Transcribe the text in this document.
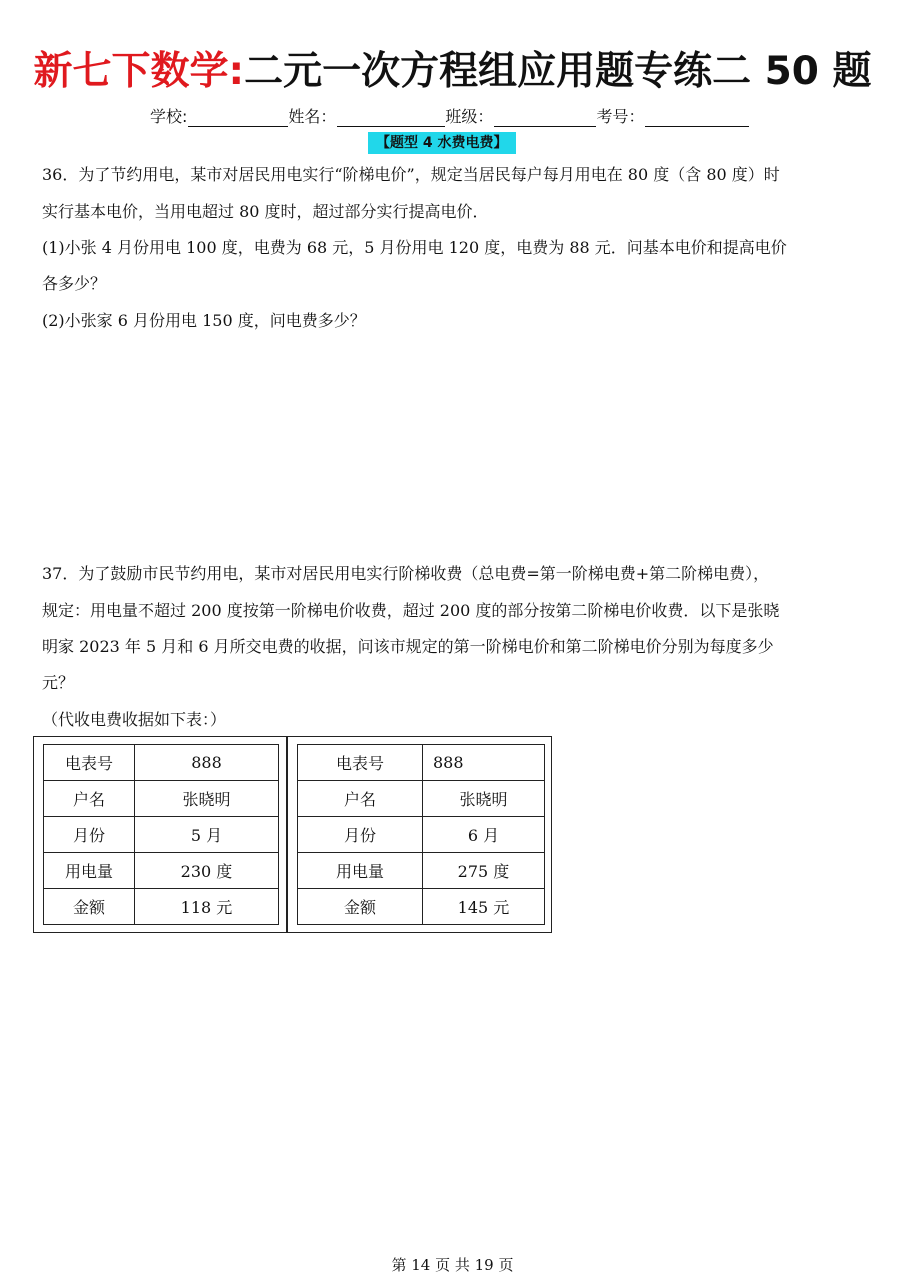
新七下数学:二元一次方程组应用题专练二 50 题
学校:	姓名：	班级：	考号：
【题型 4 水费电费】
36．为了节约用电，某市对居民用电实行“阶梯电价”，规定当居民每户每月用电在 80 度（含 80 度）时
实行基本电价，当用电超过 80 度时，超过部分实行提高电价．
(1)小张 4 月份用电 100 度，电费为 68 元，5 月份用电 120 度，电费为 88 元．问基本电价和提高电价
各多少？
(2)小张家 6 月份用电 150 度，问电费多少？
37．为了鼓励市民节约用电，某市对居民用电实行阶梯收费（总电费=第一阶梯电费+第二阶梯电费），
规定：用电量不超过 200 度按第一阶梯电价收费，超过 200 度的部分按第二阶梯电价收费．以下是张晓
明家 2023 年 5 月和 6 月所交电费的收据，问该市规定的第一阶梯电价和第二阶梯电价分别为每度多少
元？
（代收电费收据如下表：）
电表号	888
户名	张晓明
月份	5 月
用电量	230 度
金额	118 元
电表号	888
户名	张晓明
月份	6 月
用电量	275 度
金额	145 元
第 14 页 共 19 页
